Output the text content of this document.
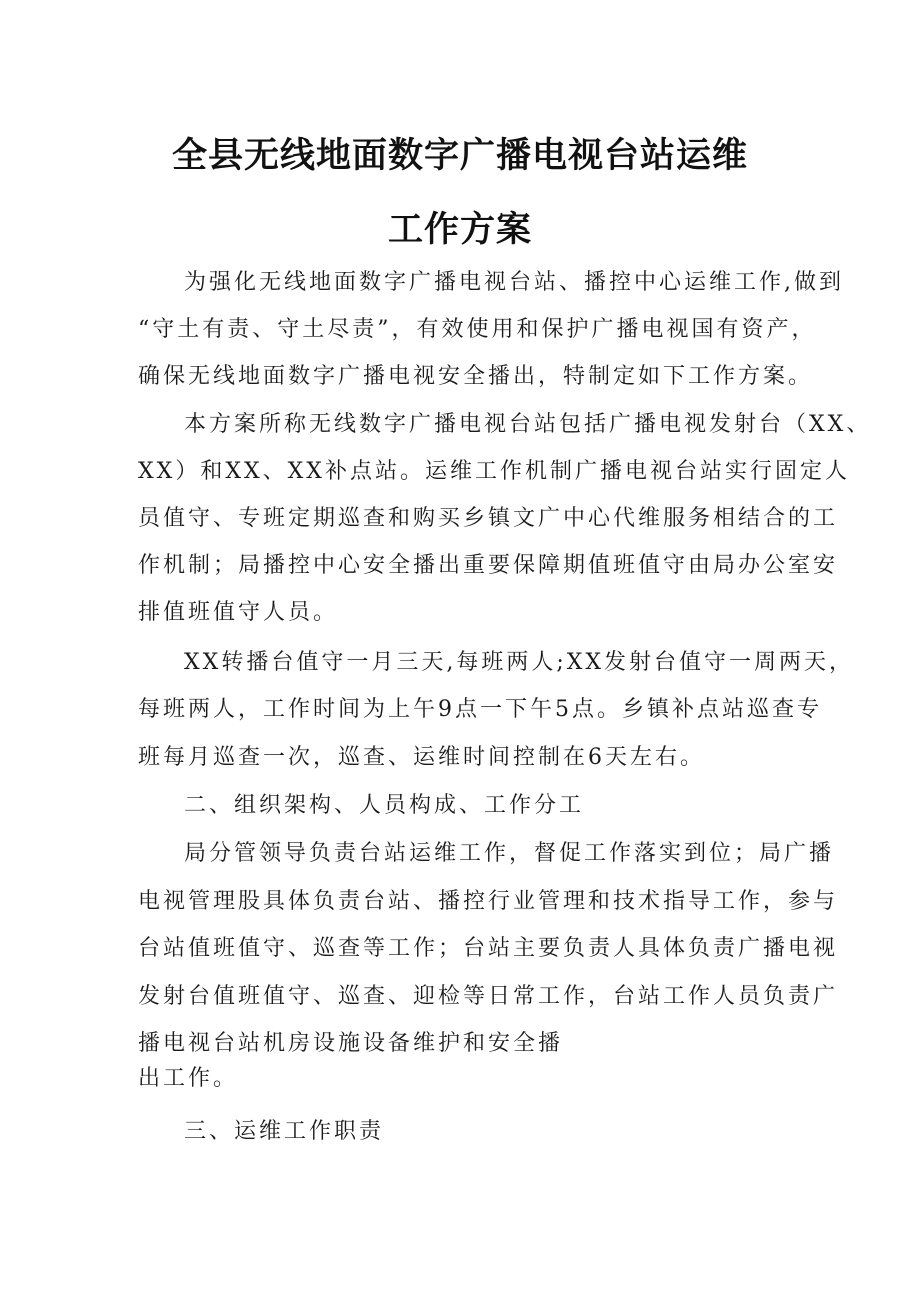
全县无线地面数字广播电视台站运维
工作方案
为强化无线地面数字广播电视台站、播控中心运维工作,做到
“守土有责、守土尽责”，有效使用和保护广播电视国有资产，
确保无线地面数字广播电视安全播出，特制定如下工作方案。
本方案所称无线数字广播电视台站包括广播电视发射台（XX、
XX）和XX、XX补点站。运维工作机制广播电视台站实行固定人
员值守、专班定期巡查和购买乡镇文广中心代维服务相结合的工
作机制；局播控中心安全播出重要保障期值班值守由局办公室安
排值班值守人员。
XX转播台值守一月三天,每班两人;XX发射台值守一周两天，
每班两人，工作时间为上午9点一下午5点。乡镇补点站巡查专
班每月巡查一次，巡查、运维时间控制在6天左右。
二、组织架构、人员构成、工作分工
局分管领导负责台站运维工作，督促工作落实到位；局广播
电视管理股具体负责台站、播控行业管理和技术指导工作，参与
台站值班值守、巡查等工作；台站主要负责人具体负责广播电视
发射台值班值守、巡查、迎检等日常工作，台站工作人员负责广
播电视台站机房设施设备维护和安全播
出工作。
三、运维工作职责
